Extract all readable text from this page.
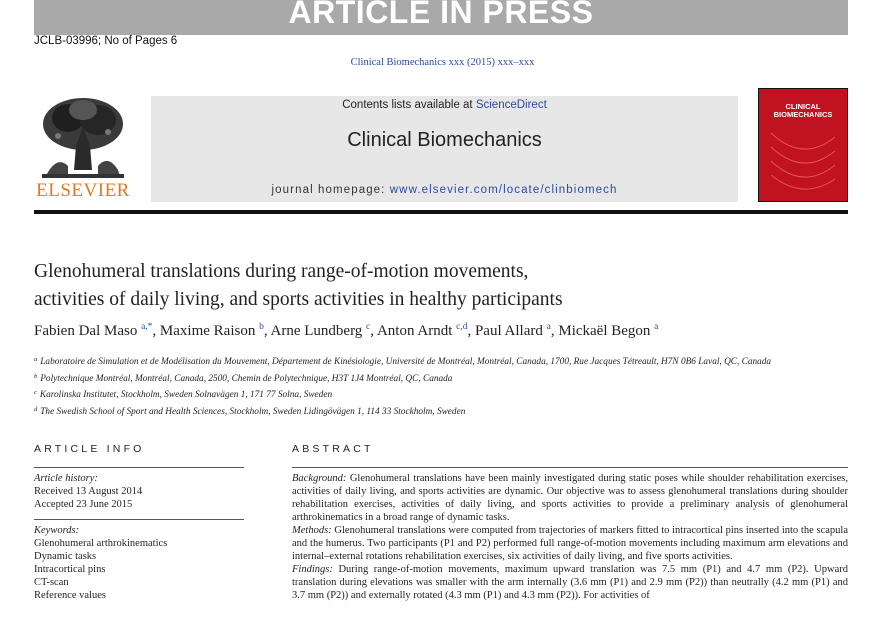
ARTICLE IN PRESS
JCLB-03996; No of Pages 6
Clinical Biomechanics xxx (2015) xxx–xxx
ELSEVIER
Contents lists available at ScienceDirect
Clinical Biomechanics
journal homepage: www.elsevier.com/locate/clinbiomech
CLINICAL
BIOMECHANICS
Glenohumeral translations during range-of-motion movements,
activities of daily living, and sports activities in healthy participants
Fabien Dal Maso $^{a,*}$, Maxime Raison $^b$, Arne Lundberg $^c$, Anton Arndt $^{c,d}$, Paul Allard $^a$, Mickaël Begon $^a$
$^a$ Laboratoire de Simulation et de Modélisation du Mouvement, Département de Kinésiologie, Université de Montréal, Montréal, Canada, 1700, Rue Jacques Tétreault, H7N 0B6 Laval, QC, Canada
$^b$ Polytechnique Montréal, Montréal, Canada, 2500, Chemin de Polytechnique, H3T 1J4 Montréal, QC, Canada
$^c$ Karolinska Institutet, Stockholm, Sweden Solnavägen 1, 171 77 Solna, Sweden
$^d$ The Swedish School of Sport and Health Sciences, Stockholm, Sweden Lidingövägen 1, 114 33 Stockholm, Sweden
ARTICLE INFO	ABSTRACT
Article history:
Received 13 August 2014
Accepted 23 June 2015
Keywords:
Glenohumeral arthrokinematics
Dynamic tasks
Intracortical pins
CT-scan
Reference values

Background: Glenohumeral translations have been mainly investigated during static poses while shoulder rehabilitation exercises, activities of daily living, and sports activities are dynamic. Our objective was to assess glenohumeral translations during shoulder rehabilitation exercises, activities of daily living, and sports activities to provide a preliminary analysis of glenohumeral arthrokinematics in a broad range of dynamic tasks.

Methods: Glenohumeral translations were computed from trajectories of markers fitted to intracortical pins inserted into the scapula and the humerus. Two participants (P1 and P2) performed full range-of-motion movements including maximum arm elevations and internal–external rotations rehabilitation exercises, six activities of daily living, and five sports activities.

Findings: During range-of-motion movements, maximum upward translation was 7.5 mm (P1) and 4.7 mm (P2). Upward translation during elevations was smaller with the arm internally (3.6 mm (P1) and 2.9 mm (P2)) than neutrally (4.2 mm (P1) and 3.7 mm (P2)) and externally rotated (4.3 mm (P1) and 4.3 mm (P2)). For activities of
